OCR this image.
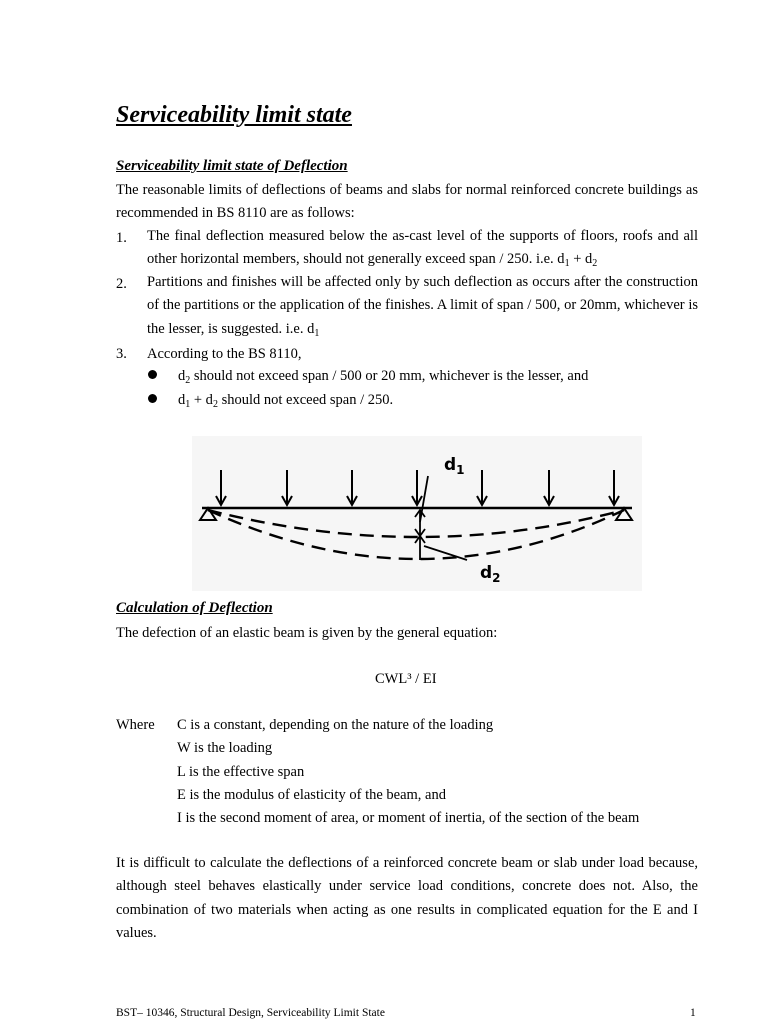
Serviceability limit state
Serviceability limit state of Deflection
The reasonable limits of deflections of beams and slabs for normal reinforced concrete buildings as recommended in BS 8110 are as follows:
1. The final deflection measured below the as-cast level of the supports of floors, roofs and all other horizontal members, should not generally exceed span / 250. i.e. $d_1 + d_2$
2. Partitions and finishes will be affected only by such deflection as occurs after the construction of the partitions or the application of the finishes. A limit of span / 500, or 20mm, whichever is the lesser, is suggested. i.e. $d_1$
3. According to the BS 8110,
$d_2$ should not exceed span / 500 or 20 mm, whichever is the lesser, and
$d_1 + d_2$ should not exceed span / 250.
$d_1$
$d_2$
Calculation of Deflection
The defection of an elastic beam is given by the general equation:
CWL³ / EI
Where C is a constant, depending on the nature of the loading
W is the loading
L is the effective span
E is the modulus of elasticity of the beam, and
I is the second moment of area, or moment of inertia, of the section of the beam
It is difficult to calculate the deflections of a reinforced concrete beam or slab under load because, although steel behaves elastically under service load conditions, concrete does not. Also, the combination of two materials when acting as one results in complicated equation for the E and I values.
BST– 10346, Structural Design, Serviceability Limit State	1
